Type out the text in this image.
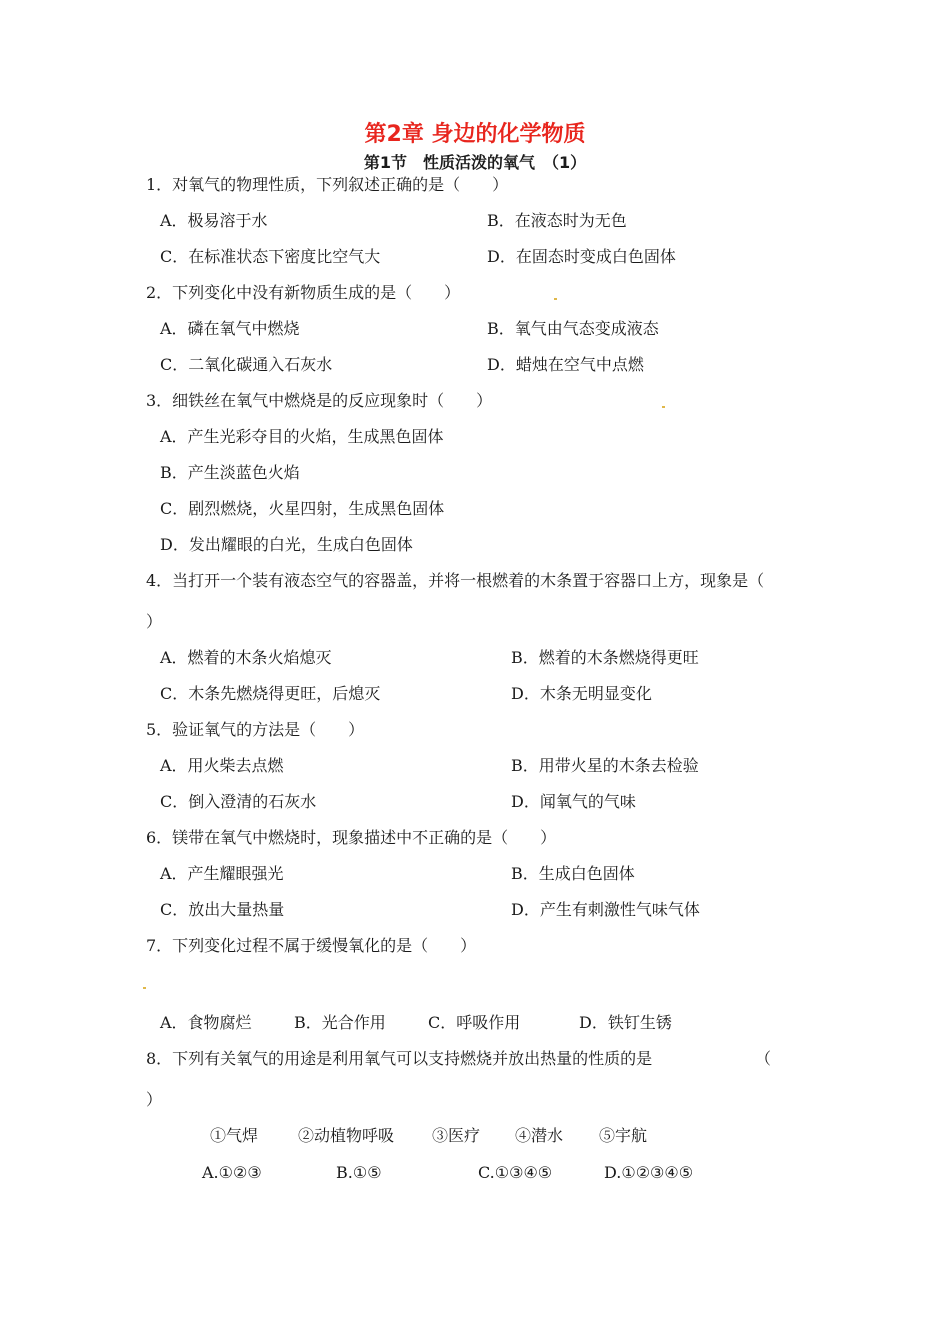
第2章 身边的化学物质
第1节　性质活泼的氧气　（1）
1．对氧气的物理性质，下列叙述正确的是（　　）
A．极易溶于水	B．在液态时为无色
C．在标准状态下密度比空气大	D．在固态时变成白色固体
2．下列变化中没有新物质生成的是（　　）
A．磷在氧气中燃烧	B．氧气由气态变成液态
C．二氧化碳通入石灰水	D．蜡烛在空气中点燃
3．细铁丝在氧气中燃烧是的反应现象时（　　）
A．产生光彩夺目的火焰，生成黑色固体
B．产生淡蓝色火焰
C．剧烈燃烧，火星四射，生成黑色固体
D．发出耀眼的白光，生成白色固体
4．当打开一个装有液态空气的容器盖，并将一根燃着的木条置于容器口上方，现象是（
）
A．燃着的木条火焰熄灭	B．燃着的木条燃烧得更旺
C．木条先燃烧得更旺，后熄灭	D．木条无明显变化
5．验证氧气的方法是（　　）
A．用火柴去点燃	B．用带火星的木条去检验
C．倒入澄清的石灰水	D．闻氧气的气味
6．镁带在氧气中燃烧时，现象描述中不正确的是（　　）
A．产生耀眼强光	B．生成白色固体
C．放出大量热量	D．产生有刺激性气味气体
7．下列变化过程不属于缓慢氧化的是（　　）
A．食物腐烂	B．光合作用	C．呼吸作用	D．铁钉生锈
8．下列有关氧气的用途是利用氧气可以支持燃烧并放出热量的性质的是	（
）
①气焊 ②动植物呼吸 ③医疗 ④潜水 ⑤宇航
A.①②③	B.①⑤	C.①③④⑤	D.①②③④⑤
